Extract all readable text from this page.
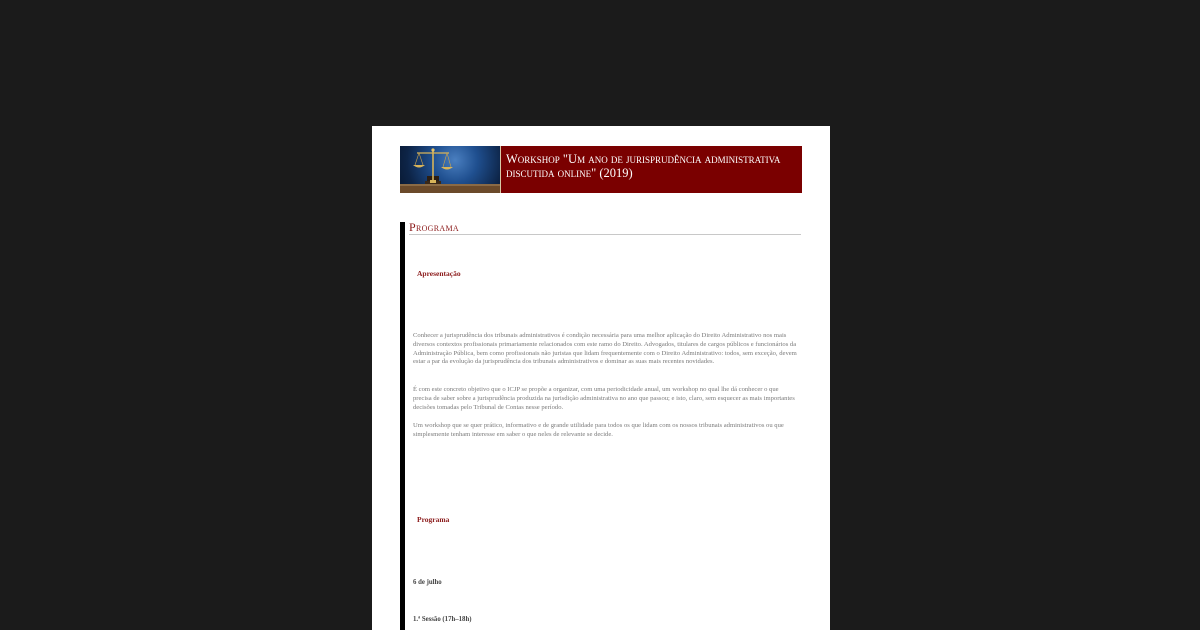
Workshop "Um ano de jurisprudência administrativa
discutida online" (2019)
Programa
Apresentação

Conhecer a jurisprudência dos tribunais administrativos é condição necessária para uma melhor aplicação do Direito Administrativo nos mais diversos contextos profissionais primariamente relacionados com este ramo do Direito. Advogados, titulares de cargos públicos e funcionários da Administração Pública, bem como profissionais não juristas que lidam frequentemente com o Direito Administrativo: todos, sem exceção, devem estar a par da evolução da jurisprudência dos tribunais administrativos e dominar as suas mais recentes novidades.

É com este concreto objetivo que o ICJP se propõe a organizar, com uma periodicidade anual, um workshop no qual lhe dá conhecer o que precisa de saber sobre a jurisprudência produzida na jurisdição administrativa no ano que passou; e isto, claro, sem esquecer as mais importantes decisões tomadas pelo Tribunal de Contas nesse período.

Um workshop que se quer prático, informativo e de grande utilidade para todos os que lidam com os nossos tribunais administrativos ou que simplesmente tenham interesse em saber o que neles de relevante se decide.

Programa
6 de julho
1.ª Sessão (17h–18h)
